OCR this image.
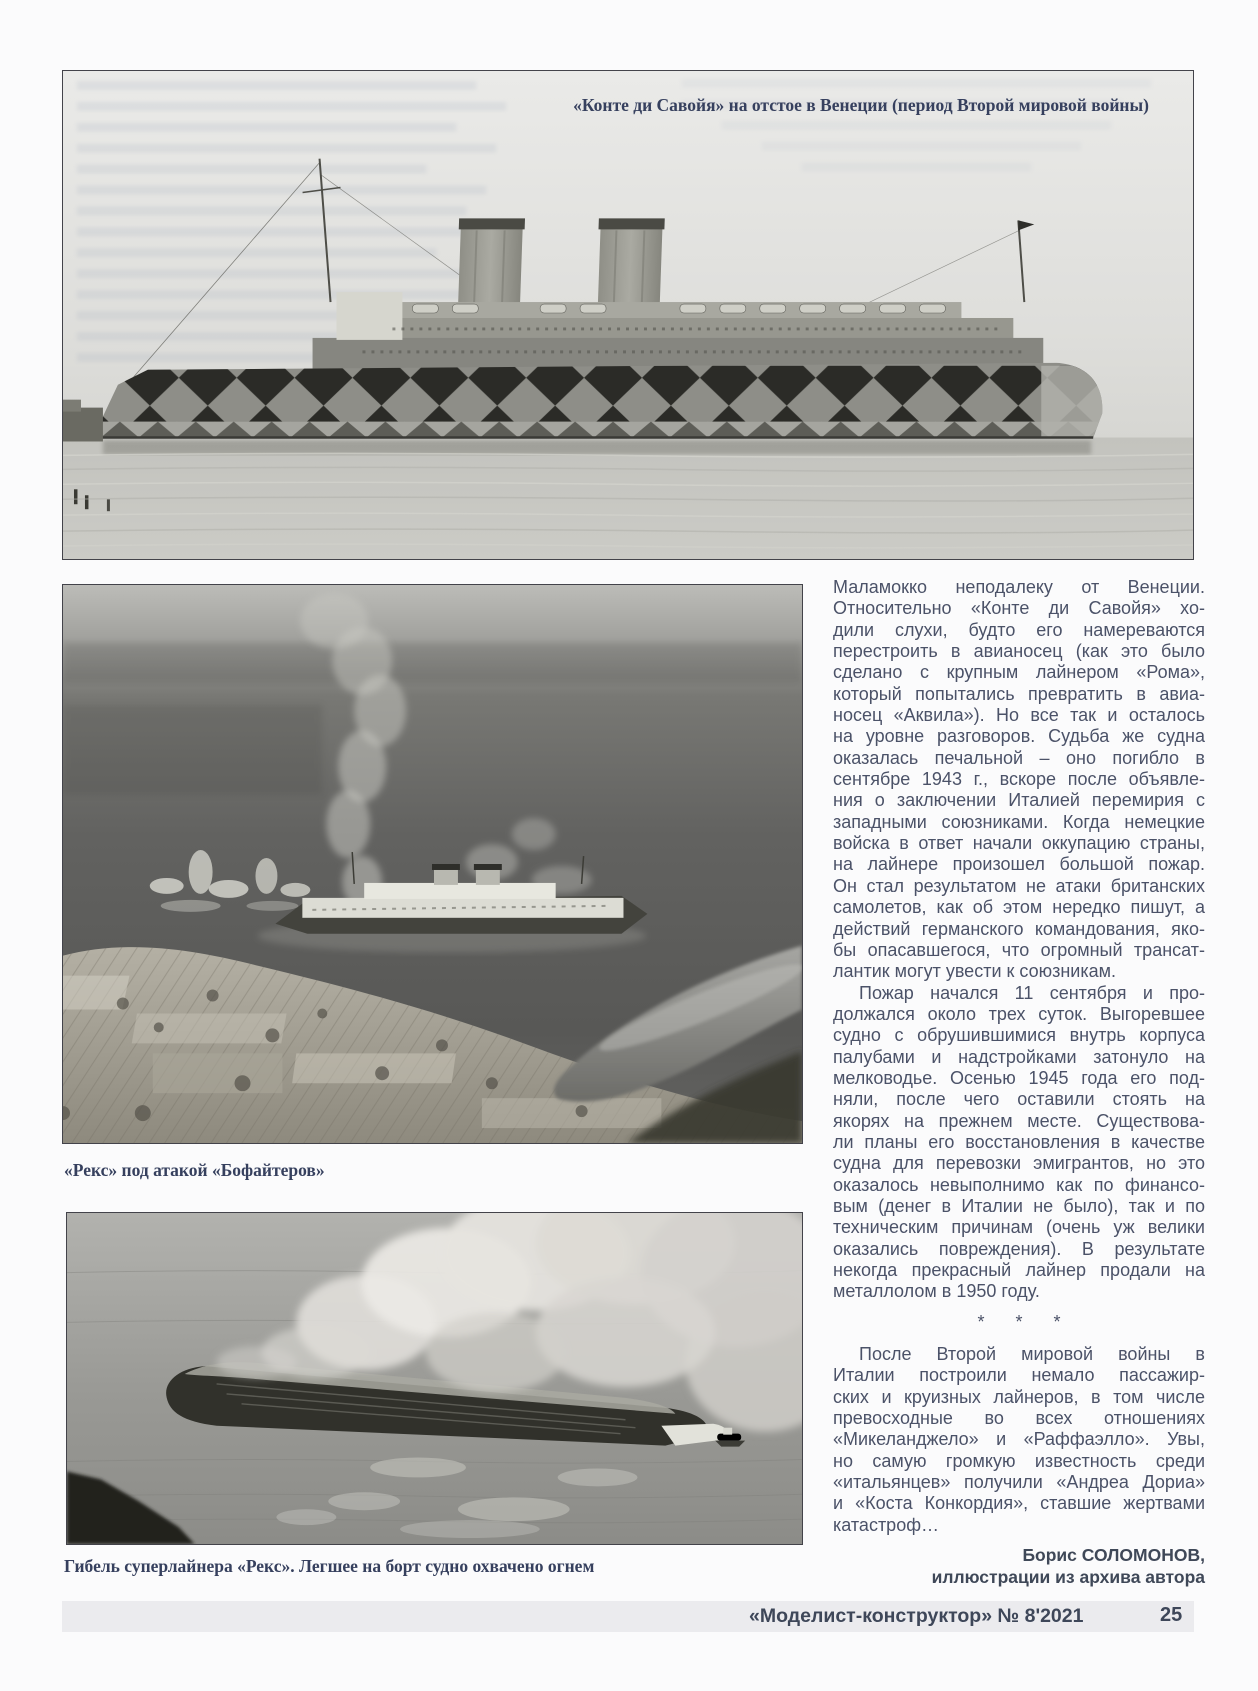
«Конте ди Савойя» на отстое в Венеции (период Второй мировой войны)
«Рекс» под атакой «Бофайтеров»
Гибель суперлайнера «Рекс». Легшее на борт судно охвачено огнем
Маламокко неподалеку от Венеции.
Относительно «Конте ди Савойя» хо-
дили слухи, будто его намереваются
перестроить в авианосец (как это было
сделано с крупным лайнером «Рома»,
который попытались превратить в авиа-
носец «Аквила»). Но все так и осталось
на уровне разговоров. Судьба же судна
оказалась печальной – оно погибло в
сентябре 1943 г., вскоре после объявле-
ния о заключении Италией перемирия с
западными союзниками. Когда немецкие
войска в ответ начали оккупацию страны,
на лайнере произошел большой пожар.
Он стал результатом не атаки британских
самолетов, как об этом нередко пишут, а
действий германского командования, яко-
бы опасавшегося, что огромный трансат-
лантик могут увести к союзникам.
Пожар начался 11 сентября и про-
должался около трех суток. Выгоревшее
судно с обрушившимися внутрь корпуса
палубами и надстройками затонуло на
мелководье. Осенью 1945 года его под-
няли, после чего оставили стоять на
якорях на прежнем месте. Существова-
ли планы его восстановления в качестве
судна для перевозки эмигрантов, но это
оказалось невыполнимо как по финансо-
вым (денег в Италии не было), так и по
техническим причинам (очень уж велики
оказались повреждения). В результате
некогда прекрасный лайнер продали на
металлолом в 1950 году.
* * *
После Второй мировой войны в
Италии построили немало пассажир-
ских и круизных лайнеров, в том числе
превосходные во всех отношениях
«Микеланджело» и «Раффаэлло». Увы,
но самую громкую известность среди
«итальянцев» получили «Андреа Дориа»
и «Коста Конкордия», ставшие жертвами
катастроф…
Борис СОЛОМОНОВ,
иллюстрации из архива автора
«Моделист-конструктор» № 8'2021	25
